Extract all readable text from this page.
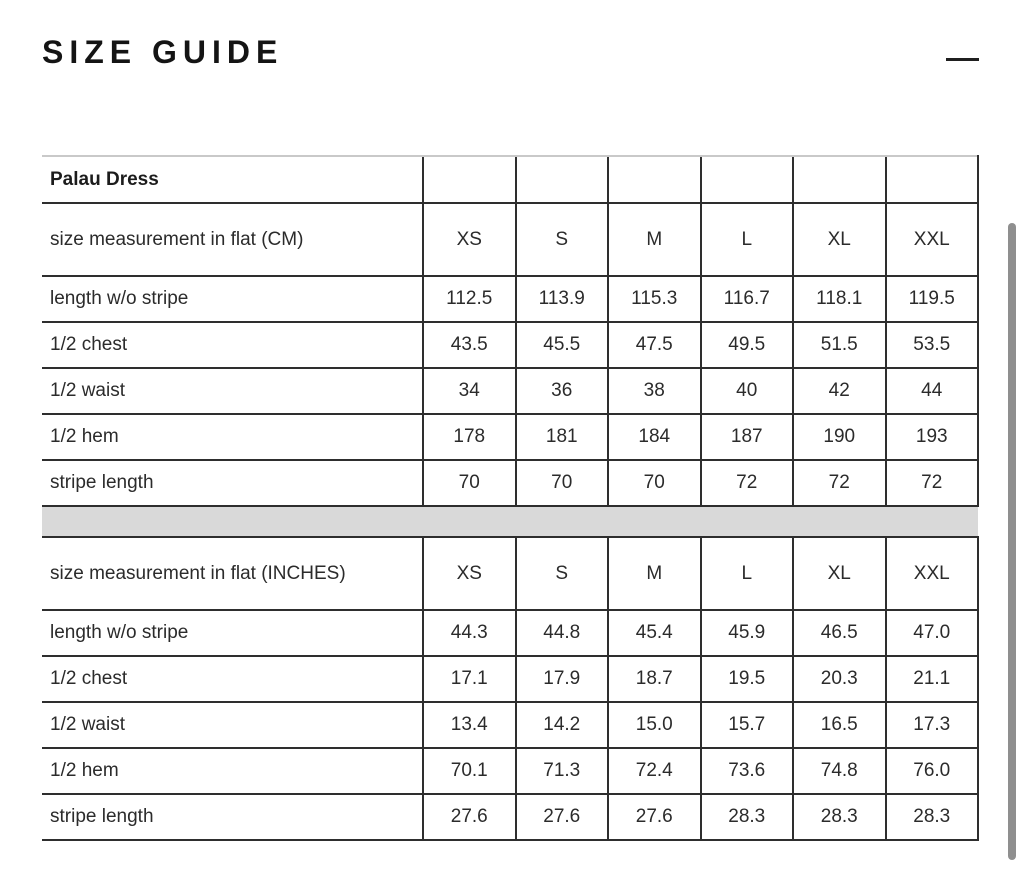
SIZE GUIDE
Palau Dress						
size measurement in flat (CM)	XS	S	M	L	XL	XXL
length w/o stripe	112.5	113.9	115.3	116.7	118.1	119.5
1/2 chest	43.5	45.5	47.5	49.5	51.5	53.5
1/2 waist	34	36	38	40	42	44
1/2 hem	178	181	184	187	190	193
stripe length	70	70	70	72	72	72

size measurement in flat (INCHES)	XS	S	M	L	XL	XXL
length w/o stripe	44.3	44.8	45.4	45.9	46.5	47.0
1/2 chest	17.1	17.9	18.7	19.5	20.3	21.1
1/2 waist	13.4	14.2	15.0	15.7	16.5	17.3
1/2 hem	70.1	71.3	72.4	73.6	74.8	76.0
stripe length	27.6	27.6	27.6	28.3	28.3	28.3
